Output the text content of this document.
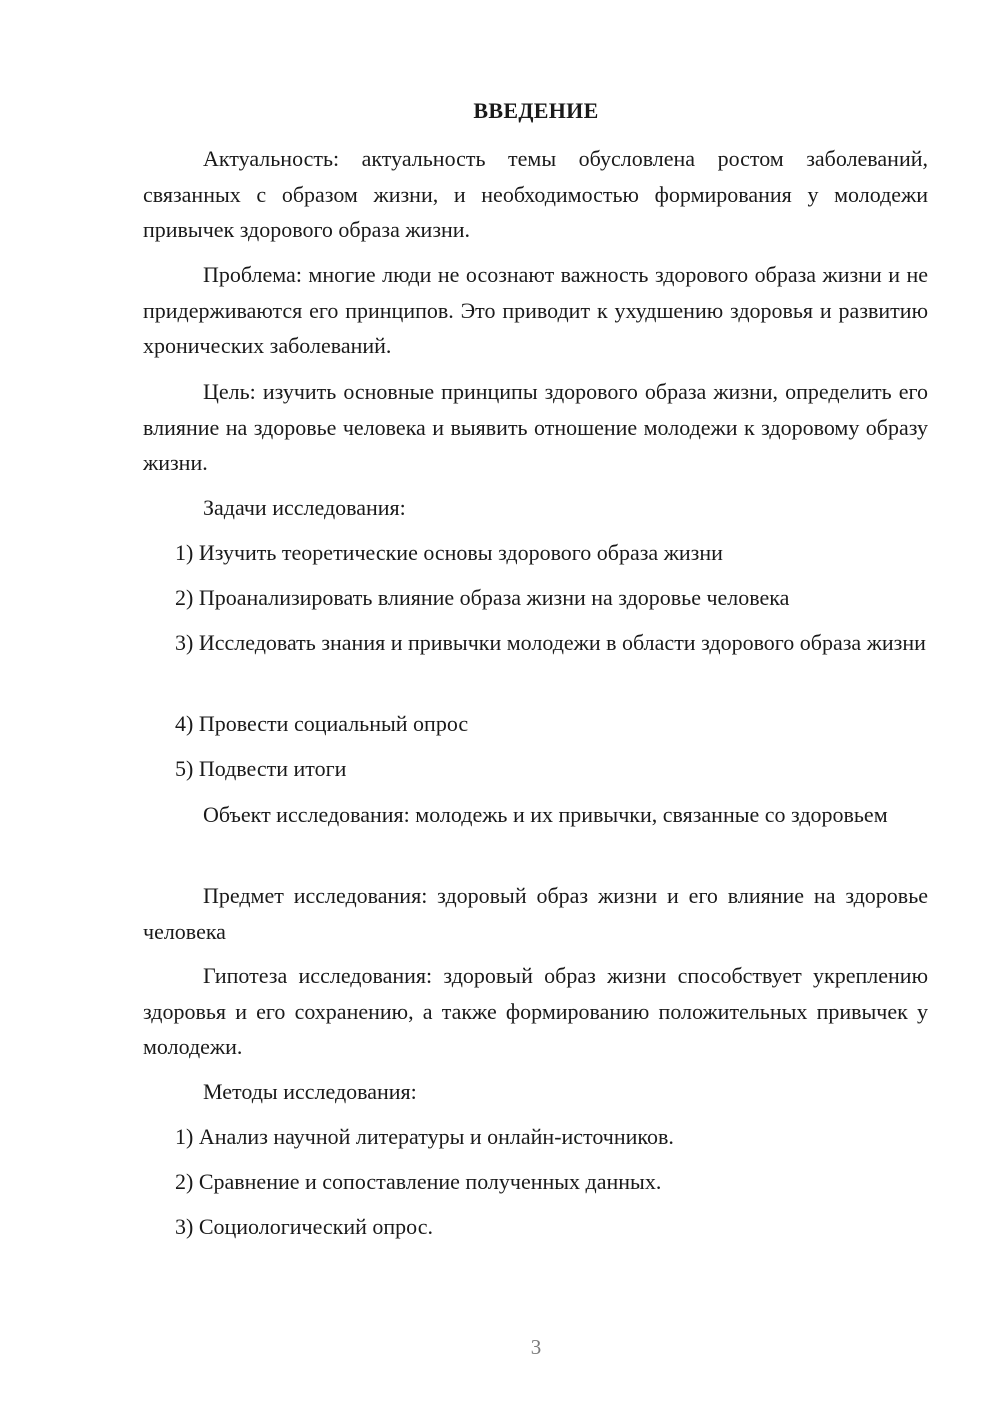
ВВЕДЕНИЕ
Актуальность: актуальность темы обусловлена ростом заболеваний, связанных с образом жизни, и необходимостью формирования у молодежи привычек здорового образа жизни.
Проблема: многие люди не осознают важность здорового образа жизни и не придерживаются его принципов. Это приводит к ухудшению здоровья и развитию хронических заболеваний.
Цель: изучить основные принципы здорового образа жизни, определить его влияние на здоровье человека и выявить отношение молодежи к здоровому образу жизни.
Задачи исследования:
1) Изучить теоретические основы здорового образа жизни
2) Проанализировать влияние образа жизни на здоровье человека
3) Исследовать знания и привычки молодежи в области здорового образа жизни
4) Провести социальный опрос
5) Подвести итоги
Объект исследования: молодежь и их привычки, связанные со здоровьем
Предмет исследования: здоровый образ жизни и его влияние на здоровье человека
Гипотеза исследования: здоровый образ жизни способствует укреплению здоровья и его сохранению, а также формированию положительных привычек у молодежи.
Методы исследования:
1) Анализ научной литературы и онлайн-источников.
2) Сравнение и сопоставление полученных данных.
3) Социологический опрос.
3
